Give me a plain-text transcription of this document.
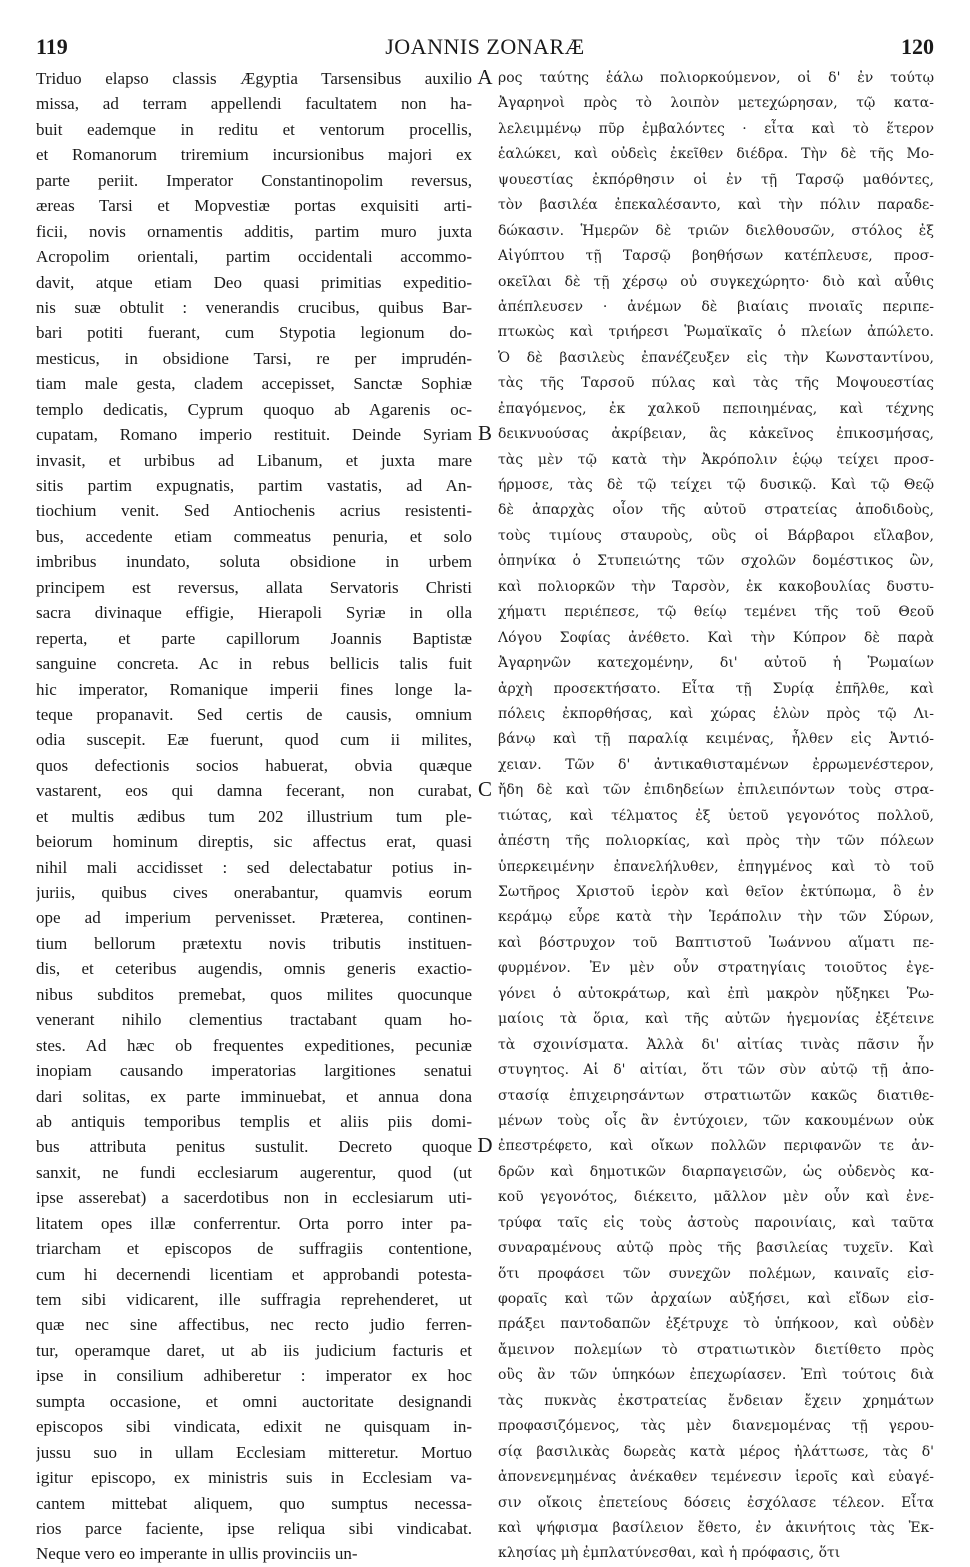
119	JOANNIS ZONARÆ	120
Triduo elapso classis Ægyptia Tarsensibus auxilio
missa, ad terram appellendi facultatem non ha-
buit eademque in reditu et ventorum procellis,
et Romanorum triremium incursionibus majori ex
parte periit. Imperator Constantinopolim reversus,
æreas Tarsi et Mopvestiæ portas exquisiti arti-
ficii, novis ornamentis additis, partim muro juxta
Acropolim orientali, partim occidentali accommo-
davit, atque etiam Deo quasi primitias expeditio-
nis suæ obtulit : venerandis crucibus, quibus Bar-
bari potiti fuerant, cum Stypotia legionum do-
mesticus, in obsidione Tarsi, re per imprudén-
tiam male gesta, cladem accepisset, Sanctæ Sophiæ
templo dedicatis, Cyprum quoquo ab Agarenis oc-
cupatam, Romano imperio restituit. Deinde Syriam
invasit, et urbibus ad Libanum, et juxta mare
sitis partim expugnatis, partim vastatis, ad An-
tiochium venit. Sed Antiochenis acrius resistenti-
bus, accedente etiam commeatus penuria, et solo
imbribus inundato, soluta obsidione in urbem
principem est reversus, allata Servatoris Christi
sacra divinaque effigie, Hierapoli Syriæ in olla
reperta, et parte capillorum Joannis Baptistæ
sanguine concreta. Ac in rebus bellicis talis fuit
hic imperator, Romanique imperii fines longe la-
teque propanavit. Sed certis de causis, omnium
odia suscepit. Eæ fuerunt, quod cum ii milites,
quos defectionis socios habuerat, obvia quæque
vastarent, eos qui damna fecerant, non curabat,
et multis ædibus tum 202 illustrium tum ple-
beiorum hominum direptis, sic affectus erat, quasi
nihil mali accidisset : sed delectabatur potius in-
juriis, quibus cives onerabantur, quamvis eorum
ope ad imperium pervenisset. Præterea, continen-
tium bellorum prætextu novis tributis instituen-
dis, et ceteribus augendis, omnis generis exactio-
nibus subditos premebat, quos milites quocunque
venerant nihilo clementius tractabant quam ho-
stes. Ad hæc ob frequentes expeditiones, pecuniæ
inopiam causando imperatorias largitiones senatui
dari solitas, ex parte imminuebat, et annua dona
ab antiquis temporibus templis et aliis piis domi-
bus attributa penitus sustulit. Decreto quoque
sanxit, ne fundi ecclesiarum augerentur, quod (ut
ipse asserebat) a sacerdotibus non in ecclesiarum uti-
litatem opes illæ conferrentur. Orta porro inter pa-
triarcham et episcopos de suffragiis contentione,
cum hi decernendi licentiam et approbandi potesta-
tem sibi vidicarent, ille suffragia reprehenderet, ut
quæ nec sine affectibus, nec recto judio ferren-
tur, operamque daret, ut ab iis judicium facturis et
ipse in consilium adhiberetur : imperator ex hoc
sumpta occasione, et omni auctoritate designandi
episcopos sibi vindicata, edixit ne quisquam in-
jussu suo in ullam Ecclesiam mitteretur. Mortuo
igitur episcopo, ex ministris suis in Ecclesiam va-
cantem mittebat aliquem, quo sumptus necessa-
rios parce faciente, ipse reliqua sibi vindicabat.
Neque vero eo imperante in ullis provinciis un-
ρος ταύτης ἑάλω πολιορκούμενον, οἱ δ' ἐν τούτῳ
Ἀγαρηνοὶ πρὸς τὸ λοιπὸν μετεχώρησαν, τῷ κατα-
λελειμμένῳ πῦρ ἐμβαλόντες · εἶτα καὶ τὸ ἕτερον
ἑαλώκει, καὶ οὐδεὶς ἐκεῖθεν διέδρα. Τὴν δὲ τῆς Μο-
ψουεστίας ἐκπόρθησιν οἱ ἐν τῇ Ταρσῷ μαθόντες,
τὸν βασιλέα ἐπεκαλέσαντο, καὶ τὴν πόλιν παραδε-
δώκασιν. Ἡμερῶν δὲ τριῶν διελθουσῶν, στόλος ἐξ
Αἰγύπτου τῇ Ταρσῷ βοηθήσων κατέπλευσε, προσ-
οκεῖλαι δὲ τῇ χέρσῳ οὐ συγκεχώρητο· διὸ καὶ αὖθις
ἀπέπλευσεν · ἀνέμων δὲ βιαίαις πνοιαῖς περιπε-
πτωκὼς καὶ τριήρεσι Ῥωμαϊκαῖς ὁ πλείων ἀπώλετο.
Ὁ δὲ βασιλεὺς ἐπανέζευξεν εἰς τὴν Κωνσταντίνου,
τὰς τῆς Ταρσοῦ πύλας καὶ τὰς τῆς Μοψουεστίας
ἐπαγόμενος, ἐκ χαλκοῦ πεποιημένας, καὶ τέχνης
δεικνυούσας ἀκρίβειαν, ἃς κἀκεῖνος ἐπικοσμήσας,
τὰς μὲν τῷ κατὰ τὴν Ἀκρόπολιν ἑῴῳ τείχει προσ-
ήρμοσε, τὰς δὲ τῷ τείχει τῷ δυσικῷ. Καὶ τῷ Θεῷ
δὲ ἀπαρχὰς οἷον τῆς αὐτοῦ στρατείας ἀποδιδοὺς,
τοὺς τιμίους σταυροὺς, οὓς οἱ Βάρβαροι εἴλαβον,
ὁπηνίκα ὁ Στυπειώτης τῶν σχολῶν δομέστικος ὢν,
καὶ πολιορκῶν τὴν Ταρσὸν, ἐκ κακοβουλίας δυστυ-
χήματι περιέπεσε, τῷ θείῳ τεμένει τῆς τοῦ Θεοῦ
Λόγου Σοφίας ἀνέθετο. Καὶ τὴν Κύπρον δὲ παρὰ
Ἀγαρηνῶν κατεχομένην, δι' αὐτοῦ ἡ Ῥωμαίων
ἀρχὴ προσεκτήσατο. Εἶτα τῇ Συρίᾳ ἐπῆλθε, καὶ
πόλεις ἐκπορθήσας, καὶ χώρας ἑλὼν πρὸς τῷ Λι-
βάνῳ καὶ τῇ παραλίᾳ κειμένας, ἦλθεν εἰς Ἀντιό-
χειαν. Τῶν δ' ἀντικαθισταμένων ἐρρωμενέστερον,
ἤδη δὲ καὶ τῶν ἐπιδηδείων ἐπιλειπόντων τοὺς στρα-
τιώτας, καὶ τέλματος ἐξ ὑετοῦ γεγονότος πολλοῦ,
ἀπέστη τῆς πολιορκίας, καὶ πρὸς τὴν τῶν πόλεων
ὑπερκειμένην ἐπανελήλυθεν, ἐπηγμένος καὶ τὸ τοῦ
Σωτῆρος Χριστοῦ ἱερὸν καὶ θεῖον ἐκτύπωμα, ὃ ἐν
κεράμῳ εὗρε κατὰ τὴν Ἱεράπολιν τὴν τῶν Σύρων,
καὶ βόστρυχον τοῦ Βαπτιστοῦ Ἰωάννου αἵματι πε-
φυρμένον. Ἐν μὲν οὖν στρατηγίαις τοιοῦτος ἐγε-
γόνει ὁ αὐτοκράτωρ, καὶ ἐπὶ μακρὸν ηὔξηκει Ῥω-
μαίοις τὰ ὅρια, καὶ τῆς αὐτῶν ἡγεμονίας ἐξέτεινε
τὰ σχοινίσματα. Ἀλλὰ δι' αἰτίας τινὰς πᾶσιν ἦν
στυγητος. Αἱ δ' αἰτίαι, ὅτι τῶν σὺν αὐτῷ τῇ ἀπο-
στασίᾳ ἐπιχειρησάντων στρατιωτῶν κακῶς διατιθε-
μένων τοὺς οἷς ἂν ἐντύχοιεν, τῶν κακουμένων οὐκ
ἐπεστρέφετο, καὶ οἴκων πολλῶν περιφανῶν τε ἀν-
δρῶν καὶ δημοτικῶν διαρπαγεισῶν, ὡς οὐδενὸς κα-
κοῦ γεγονότος, διέκειτο, μᾶλλον μὲν οὖν καὶ ἐνε-
τρύφα ταῖς εἰς τοὺς ἀστοὺς παροινίαις, καὶ ταῦτα
συναραμένους αὐτῷ πρὸς τῆς βασιλείας τυχεῖν. Καὶ
ὅτι προφάσει τῶν συνεχῶν πολέμων, καιναῖς εἰσ-
φοραῖς καὶ τῶν ἀρχαίων αὐξήσει, καὶ εἴδων εἰσ-
πράξει παντοδαπῶν ἐξέτρυχε τὸ ὑπήκοον, καὶ οὐδὲν
ἄμεινον πολεμίων τὸ στρατιωτικὸν διετίθετο πρὸς
οὓς ἂν τῶν ὑπηκόων ἐπεχωρίασεν. Ἐπὶ τούτοις διὰ
τὰς πυκνὰς ἐκστρατείας ἔνδειαν ἔχειν χρημάτων
προφασιζόμενος, τὰς μὲν διανεμομένας τῇ γερου-
σίᾳ βασιλικὰς δωρεὰς κατὰ μέρος ἠλάττωσε, τὰς δ'
ἀπονενεμημένας ἀνέκαθεν τεμένεσιν ἱεροῖς καὶ εὐαγέ-
σιν οἴκοις ἐπετείους δόσεις ἐσχόλασε τέλεον. Εἶτα
καὶ ψήφισμα βασίλειον ἔθετο, ἐν ἀκινήτοις τὰς Ἐκ-
κλησίας μὴ ἐμπλατύνεσθαι, καὶ ἡ πρόφασις, ὅτι
A
B
C
D
